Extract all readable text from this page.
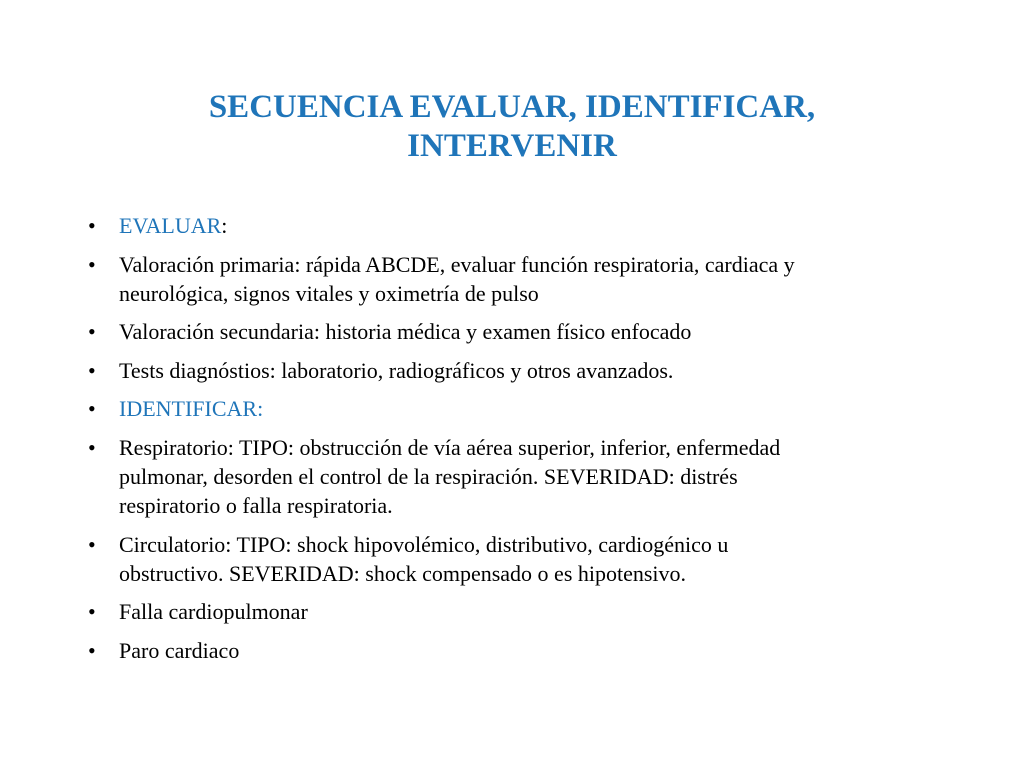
SECUENCIA EVALUAR, IDENTIFICAR,
INTERVENIR
• EVALUAR:
• Valoración primaria: rápida ABCDE, evaluar función respiratoria, cardiaca y
neurológica, signos vitales y oximetría de pulso
• Valoración secundaria: historia médica y examen físico enfocado
• Tests diagnóstios: laboratorio, radiográficos y otros avanzados.
• IDENTIFICAR:
• Respiratorio: TIPO: obstrucción de vía aérea superior, inferior, enfermedad
pulmonar, desorden el control de la respiración. SEVERIDAD: distrés
respiratorio o falla respiratoria.
• Circulatorio: TIPO: shock hipovolémico, distributivo, cardiogénico u
obstructivo. SEVERIDAD: shock compensado o es hipotensivo.
• Falla cardiopulmonar
• Paro cardiaco
